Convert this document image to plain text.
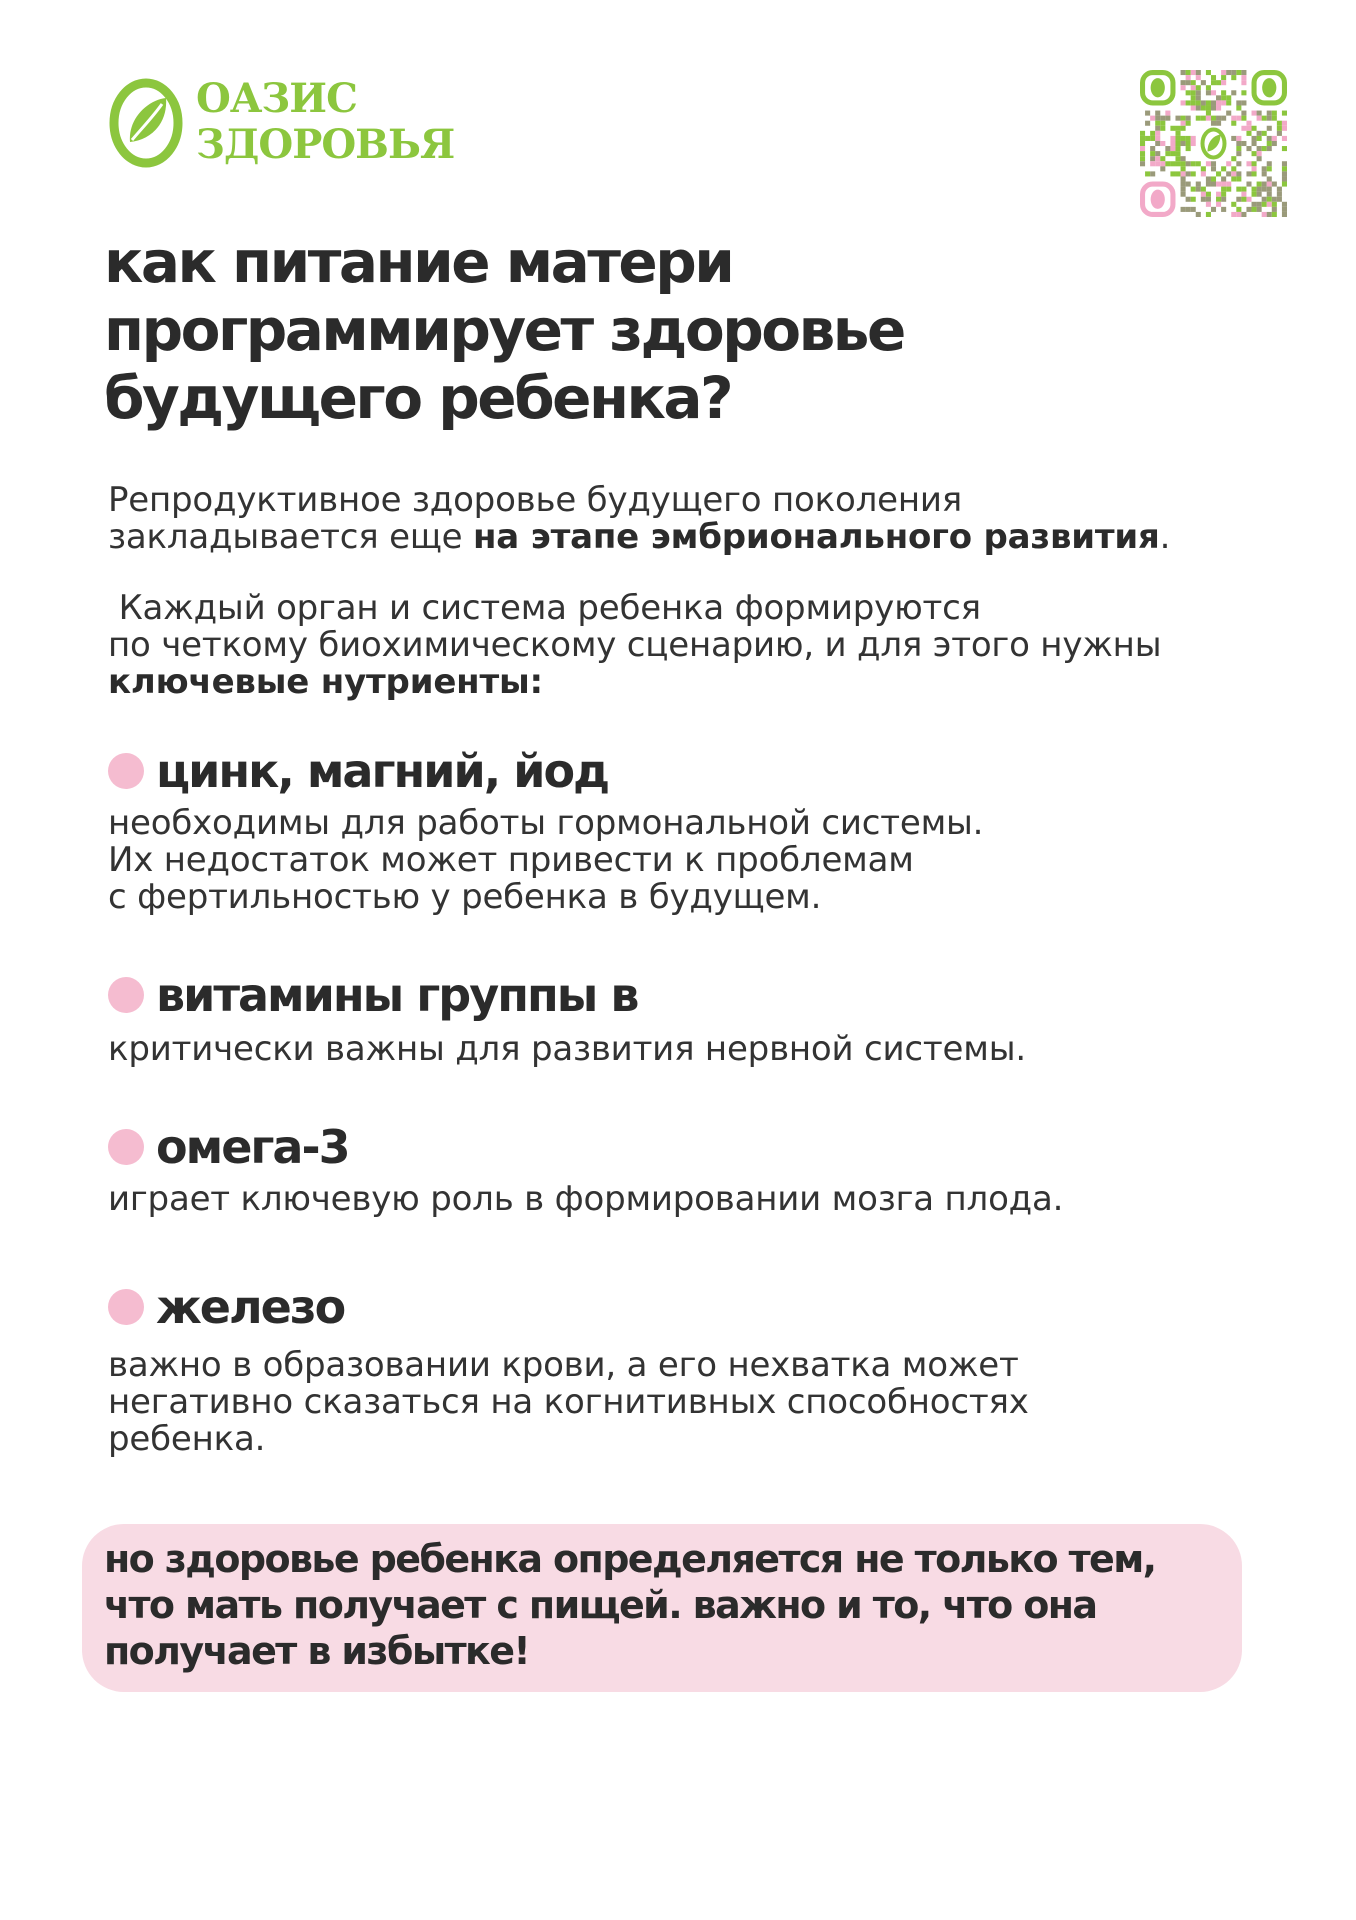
ОАЗИС
ЗДОРОВЬЯ
как питание матери
программирует здоровье
будущего ребенка?

Репродуктивное здоровье будущего поколения
закладывается еще на этапе эмбрионального развития.

Каждый орган и система ребенка формируются
по четкому биохимическому сценарию, и для этого нужны
ключевые нутриенты:

цинк, магний, йод

необходимы для работы гормональной системы.
Их недостаток может привести к проблемам
с фертильностью у ребенка в будущем.

витамины группы в

критически важны для развития нервной системы.

омега-3

играет ключевую роль в формировании мозга плода.

железо

важно в образовании крови, а его нехватка может
негативно сказаться на когнитивных способностях
ребенка.

но здоровье ребенка определяется не только тем,
что мать получает с пищей. важно и то, что она
получает в избытке!
